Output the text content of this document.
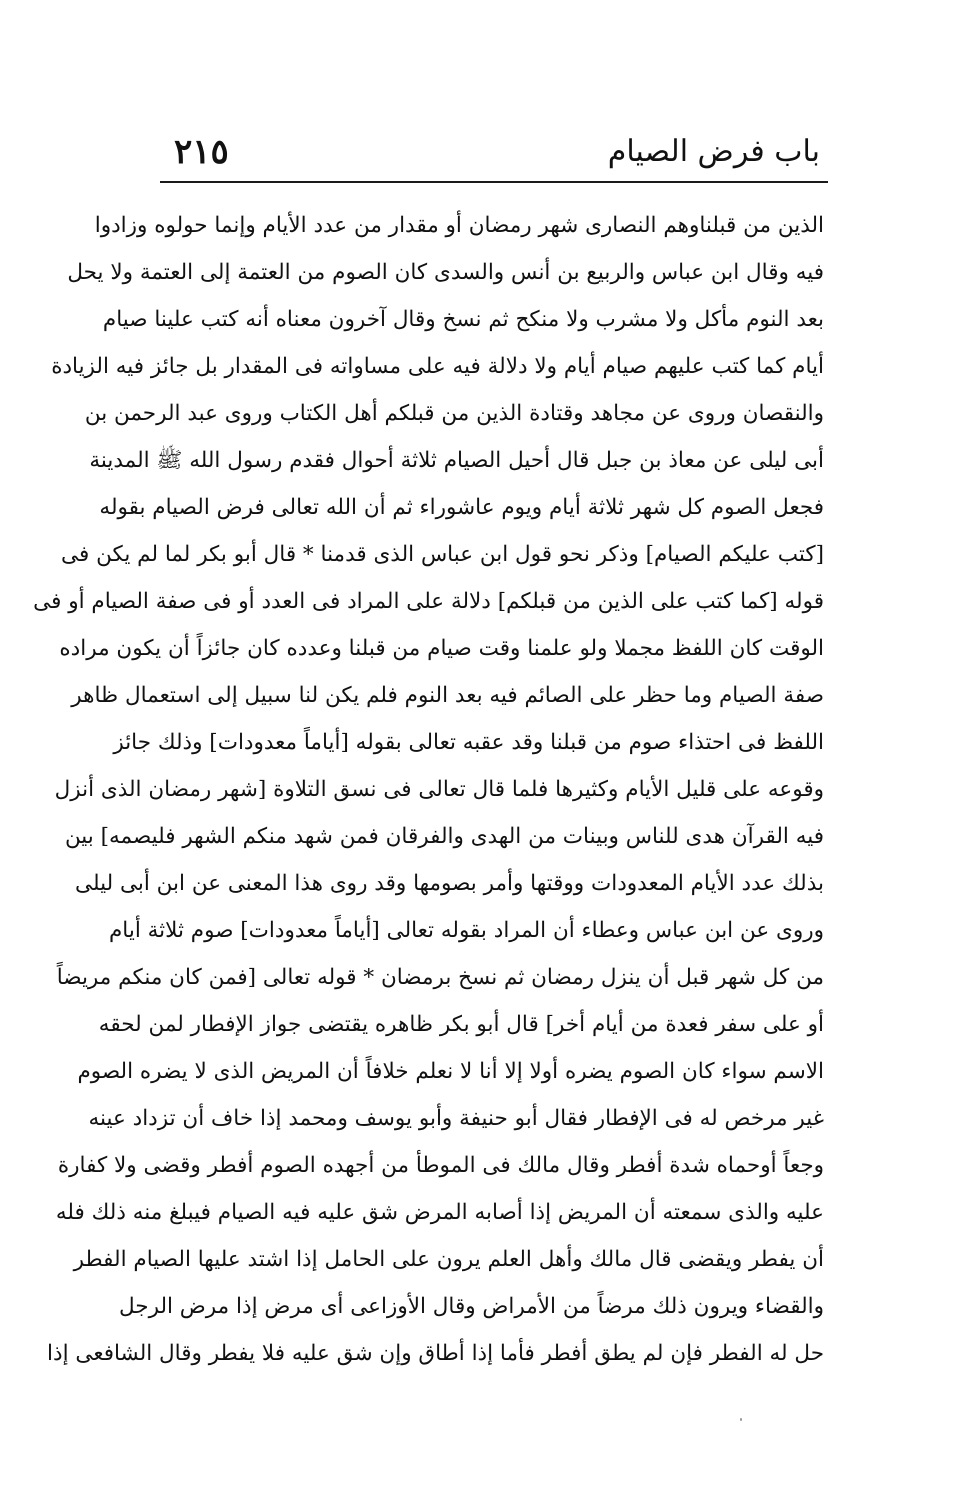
٢١٥	باب فرض الصيام
الذين من قبلناوهم النصارى شهر رمضان أو مقدار من عدد الأيام وإنما حولوه وزادوا
فيه وقال ابن عباس والربيع بن أنس والسدى كان الصوم من العتمة إلى العتمة ولا يحل
بعد النوم مأكل ولا مشرب ولا منكح ثم نسخ وقال آخرون معناه أنه كتب علينا صيام
أيام كما كتب عليهم صيام أيام ولا دلالة فيه على مساواته فى المقدار بل جائز فيه الزيادة
والنقصان وروى عن مجاهد وقتادة الذين من قبلكم أهل الكتاب وروى عبد الرحمن بن
أبى ليلى عن معاذ بن جبل قال أحيل الصيام ثلاثة أحوال فقدم رسول الله ﷺ المدينة
فجعل الصوم كل شهر ثلاثة أيام ويوم عاشوراء ثم أن الله تعالى فرض الصيام بقوله
[كتب عليكم الصيام] وذكر نحو قول ابن عباس الذى قدمنا * قال أبو بكر لما لم يكن فى
قوله [كما كتب على الذين من قبلكم] دلالة على المراد فى العدد أو فى صفة الصيام أو فى
الوقت كان اللفظ مجملا ولو علمنا وقت صيام من قبلنا وعدده كان جائزاً أن يكون مراده
صفة الصيام وما حظر على الصائم فيه بعد النوم فلم يكن لنا سبيل إلى استعمال ظاهر
اللفظ فى احتذاء صوم من قبلنا وقد عقبه تعالى بقوله [أياماً معدودات] وذلك جائز
وقوعه على قليل الأيام وكثيرها فلما قال تعالى فى نسق التلاوة [شهر رمضان الذى أنزل
فيه القرآن هدى للناس وبينات من الهدى والفرقان فمن شهد منكم الشهر فليصمه] بين
بذلك عدد الأيام المعدودات ووقتها وأمر بصومها وقد روى هذا المعنى عن ابن أبى ليلى
وروى عن ابن عباس وعطاء أن المراد بقوله تعالى [أياماً معدودات] صوم ثلاثة أيام
من كل شهر قبل أن ينزل رمضان ثم نسخ برمضان * قوله تعالى [فمن كان منكم مريضاً
أو على سفر فعدة من أيام أخر] قال أبو بكر ظاهره يقتضى جواز الإفطار لمن لحقه
الاسم سواء كان الصوم يضره أولا إلا أنا لا نعلم خلافاً أن المريض الذى لا يضره الصوم
غير مرخص له فى الإفطار فقال أبو حنيفة وأبو يوسف ومحمد إذا خاف أن تزداد عينه
وجعاً أوحماه شدة أفطر وقال مالك فى الموطأ من أجهده الصوم أفطر وقضى ولا كفارة
عليه والذى سمعته أن المريض إذا أصابه المرض شق عليه فيه الصيام فيبلغ منه ذلك فله
أن يفطر ويقضى قال مالك وأهل العلم يرون على الحامل إذا اشتد عليها الصيام الفطر
والقضاء ويرون ذلك مرضاً من الأمراض وقال الأوزاعى أى مرض إذا مرض الرجل
حل له الفطر فإن لم يطق أفطر فأما إذا أطاق وإن شق عليه فلا يفطر وقال الشافعى إذا
